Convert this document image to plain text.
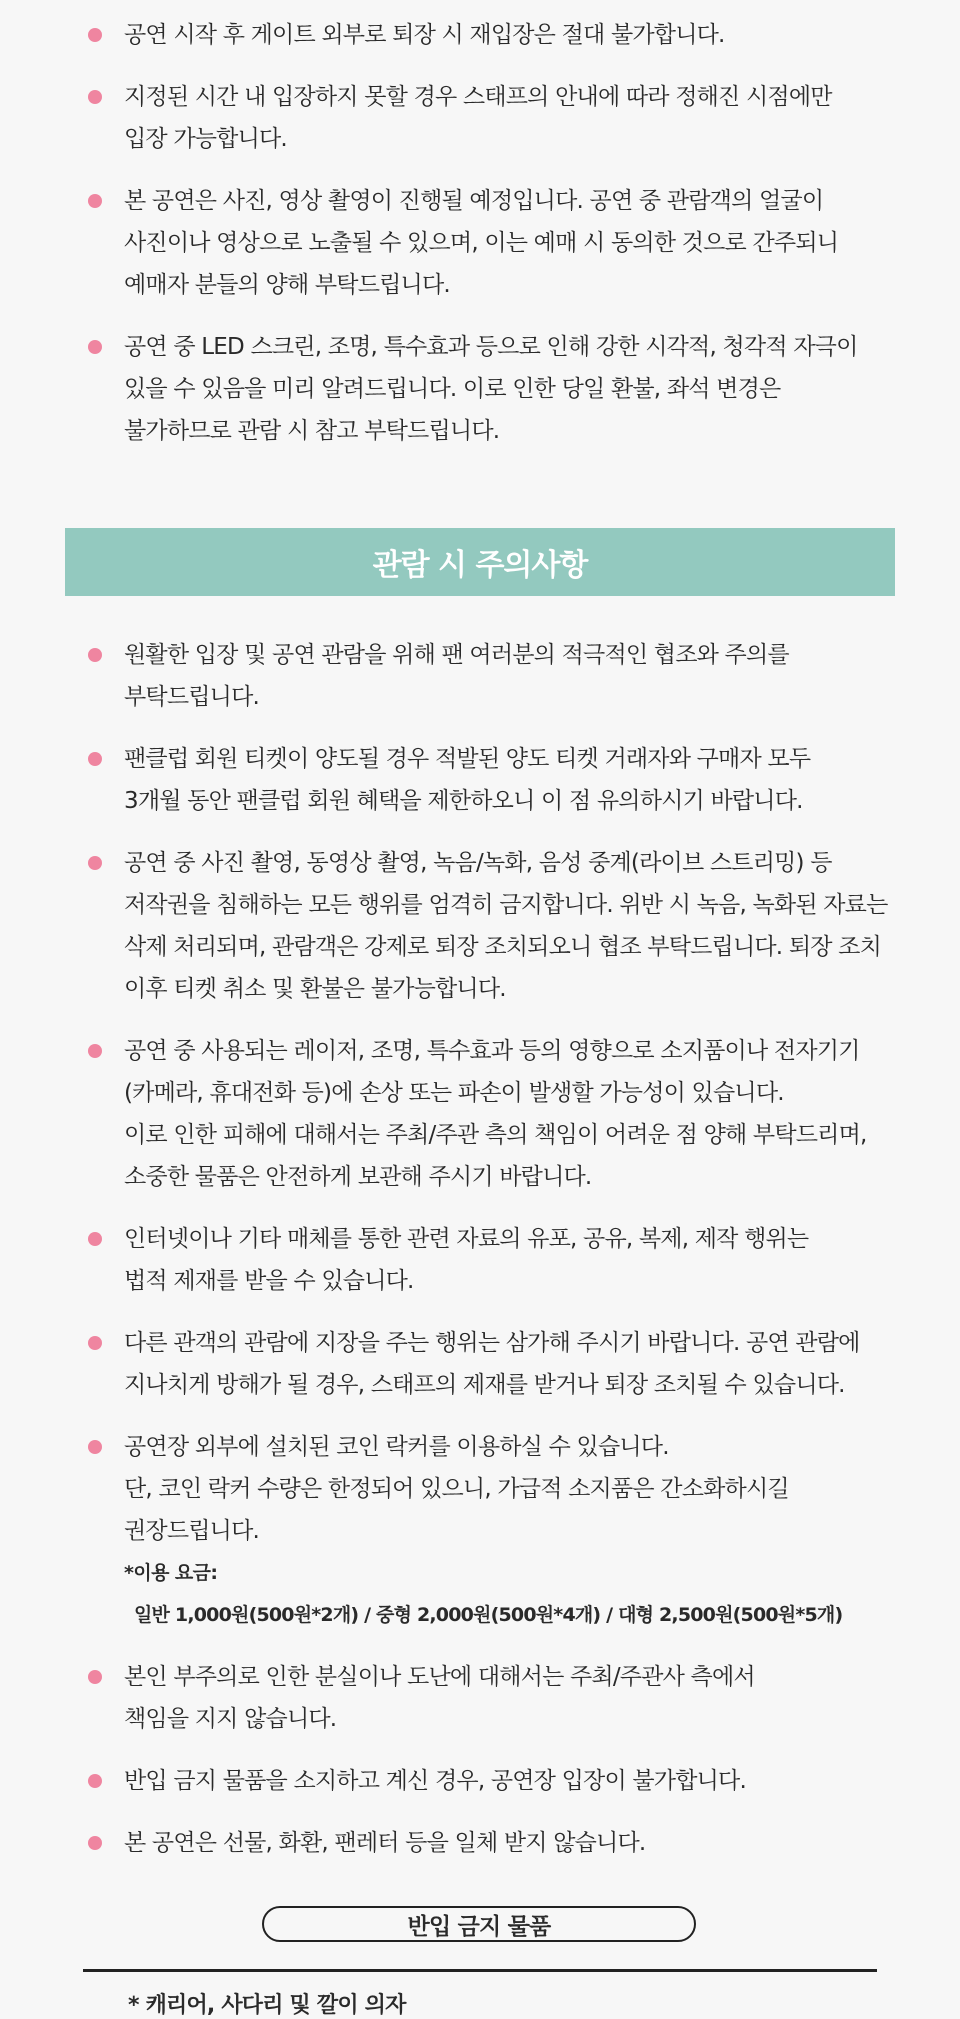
공연 시작 후 게이트 외부로 퇴장 시 재입장은 절대 불가합니다.
지정된 시간 내 입장하지 못할 경우 스태프의 안내에 따라 정해진 시점에만
입장 가능합니다.
본 공연은 사진, 영상 촬영이 진행될 예정입니다. 공연 중 관람객의 얼굴이
사진이나 영상으로 노출될 수 있으며, 이는 예매 시 동의한 것으로 간주되니
예매자 분들의 양해 부탁드립니다.
공연 중 LED 스크린, 조명, 특수효과 등으로 인해 강한 시각적, 청각적 자극이
있을 수 있음을 미리 알려드립니다. 이로 인한 당일 환불, 좌석 변경은
불가하므로 관람 시 참고 부탁드립니다.
관람 시 주의사항
원활한 입장 및 공연 관람을 위해 팬 여러분의 적극적인 협조와 주의를
부탁드립니다.
팬클럽 회원 티켓이 양도될 경우 적발된 양도 티켓 거래자와 구매자 모두
3개월 동안 팬클럽 회원 혜택을 제한하오니 이 점 유의하시기 바랍니다.
공연 중 사진 촬영, 동영상 촬영, 녹음/녹화, 음성 중계(라이브 스트리밍) 등
저작권을 침해하는 모든 행위를 엄격히 금지합니다. 위반 시 녹음, 녹화된 자료는
삭제 처리되며, 관람객은 강제로 퇴장 조치되오니 협조 부탁드립니다. 퇴장 조치
이후 티켓 취소 및 환불은 불가능합니다.
공연 중 사용되는 레이저, 조명, 특수효과 등의 영향으로 소지품이나 전자기기
(카메라, 휴대전화 등)에 손상 또는 파손이 발생할 가능성이 있습니다.
이로 인한 피해에 대해서는 주최/주관 측의 책임이 어려운 점 양해 부탁드리며,
소중한 물품은 안전하게 보관해 주시기 바랍니다.
인터넷이나 기타 매체를 통한 관련 자료의 유포, 공유, 복제, 제작 행위는
법적 제재를 받을 수 있습니다.
다른 관객의 관람에 지장을 주는 행위는 삼가해 주시기 바랍니다. 공연 관람에
지나치게 방해가 될 경우, 스태프의 제재를 받거나 퇴장 조치될 수 있습니다.
공연장 외부에 설치된 코인 락커를 이용하실 수 있습니다.
단, 코인 락커 수량은 한정되어 있으니, 가급적 소지품은 간소화하시길
권장드립니다.
*이용 요금:
일반 1,000원(500원*2개) / 중형 2,000원(500원*4개) / 대형 2,500원(500원*5개)
본인 부주의로 인한 분실이나 도난에 대해서는 주최/주관사 측에서
책임을 지지 않습니다.
반입 금지 물품을 소지하고 계신 경우, 공연장 입장이 불가합니다.
본 공연은 선물, 화환, 팬레터 등을 일체 받지 않습니다.
반입 금지 물품
* 캐리어, 사다리 및 깔이 의자
